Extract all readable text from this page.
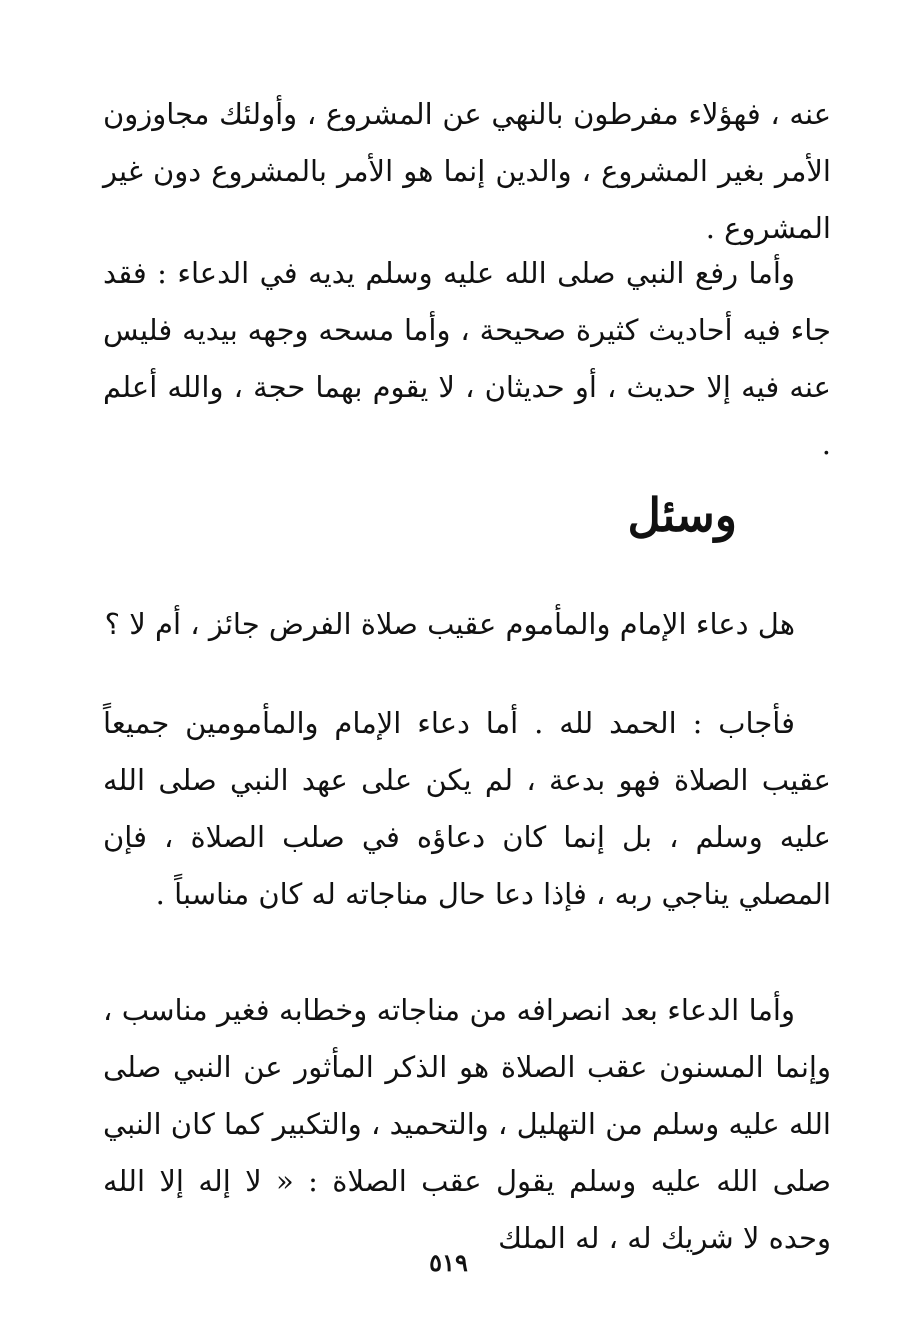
عنه ، فهؤلاء مفرطون بالنهي عن المشروع ، وأولئك مجاوزون الأمر بغير المشروع ، والدين إنما هو الأمر بالمشروع دون غير المشروع .

وأما رفع النبي صلى الله عليه وسلم يديه في الدعاء : فقد جاء فيه أحاديث كثيرة صحيحة ، وأما مسحه وجهه بيديه فليس عنه فيه إلا حديث ، أو حديثان ، لا يقوم بهما حجة ، والله أعلم .

وسئل

هل دعاء الإمام والمأموم عقيب صلاة الفرض جائز ، أم لا ؟

فأجاب : الحمد لله . أما دعاء الإمام والمأمومين جميعاً عقيب الصلاة فهو بدعة ، لم يكن على عهد النبي صلى الله عليه وسلم ، بل إنما كان دعاؤه في صلب الصلاة ، فإن المصلي يناجي ربه ، فإذا دعا حال مناجاته له كان مناسباً .

وأما الدعاء بعد انصرافه من مناجاته وخطابه فغير مناسب ، وإنما المسنون عقب الصلاة هو الذكر المأثور عن النبي صلى الله عليه وسلم من التهليل ، والتحميد ، والتكبير كما كان النبي صلى الله عليه وسلم يقول عقب الصلاة : « لا إله إلا الله وحده لا شريك له ، له الملك

٥١٩
